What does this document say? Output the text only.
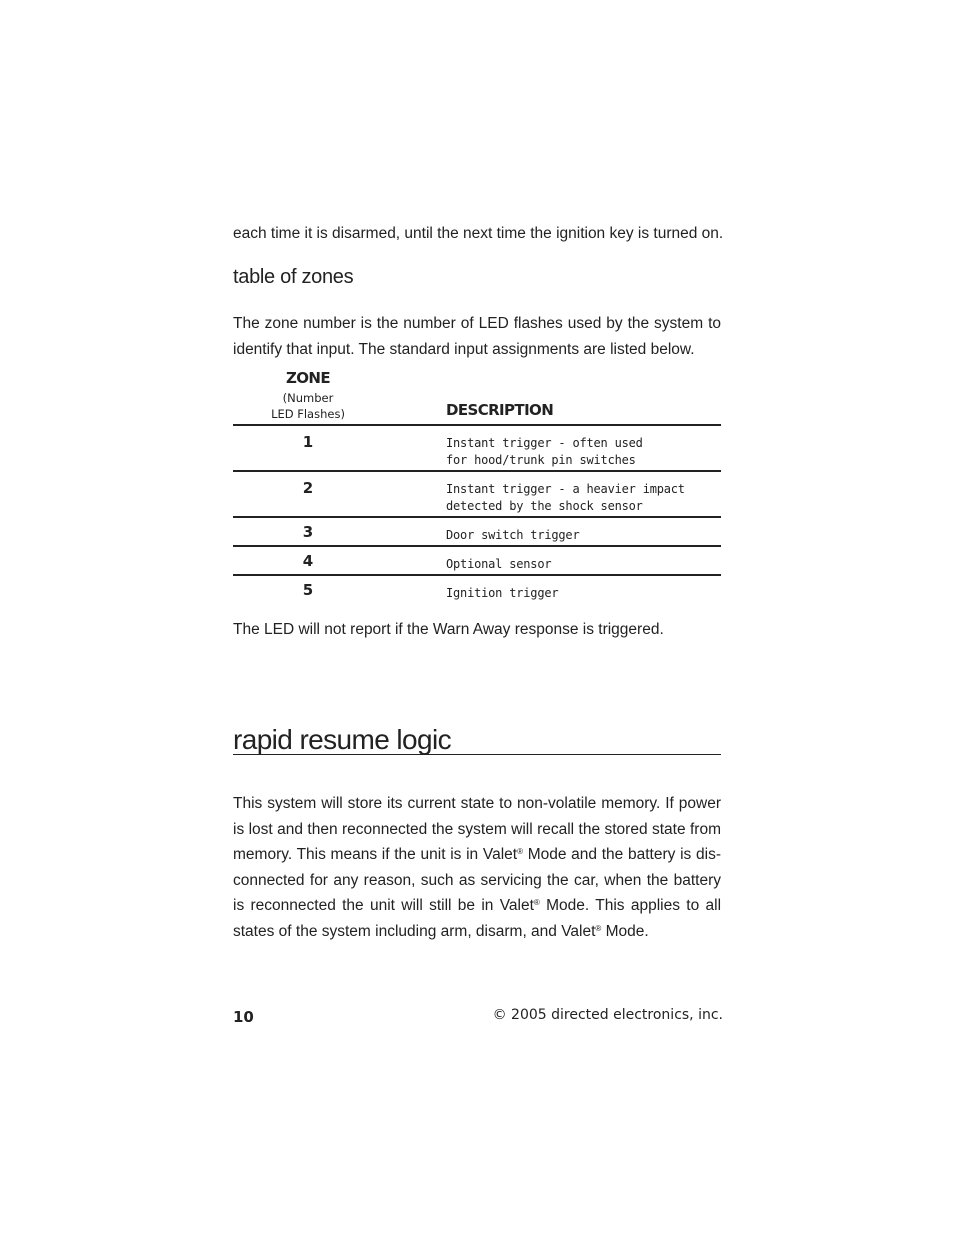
each time it is disarmed, until the next time the ignition key is turned on.

table of zones

The zone number is the number of LED flashes used by the system to identify that input. The standard input assignments are listed below.

ZONE
(Number
LED Flashes)	DESCRIPTION
1	Instant trigger - often used
for hood/trunk pin switches
2	Instant trigger - a heavier impact
detected by the shock sensor
3	Door switch trigger
4	Optional sensor
5	Ignition trigger

The LED will not report if the Warn Away response is triggered.

rapid resume logic

This system will store its current state to non-volatile memory. If power is lost and then reconnected the system will recall the stored state from memory. This means if the unit is in Valet® Mode and the battery is dis-connected for any reason, such as servicing the car, when the battery is reconnected the unit will still be in Valet® Mode. This applies to all states of the system including arm, disarm, and Valet® Mode.

10	© 2005 directed electronics, inc.
